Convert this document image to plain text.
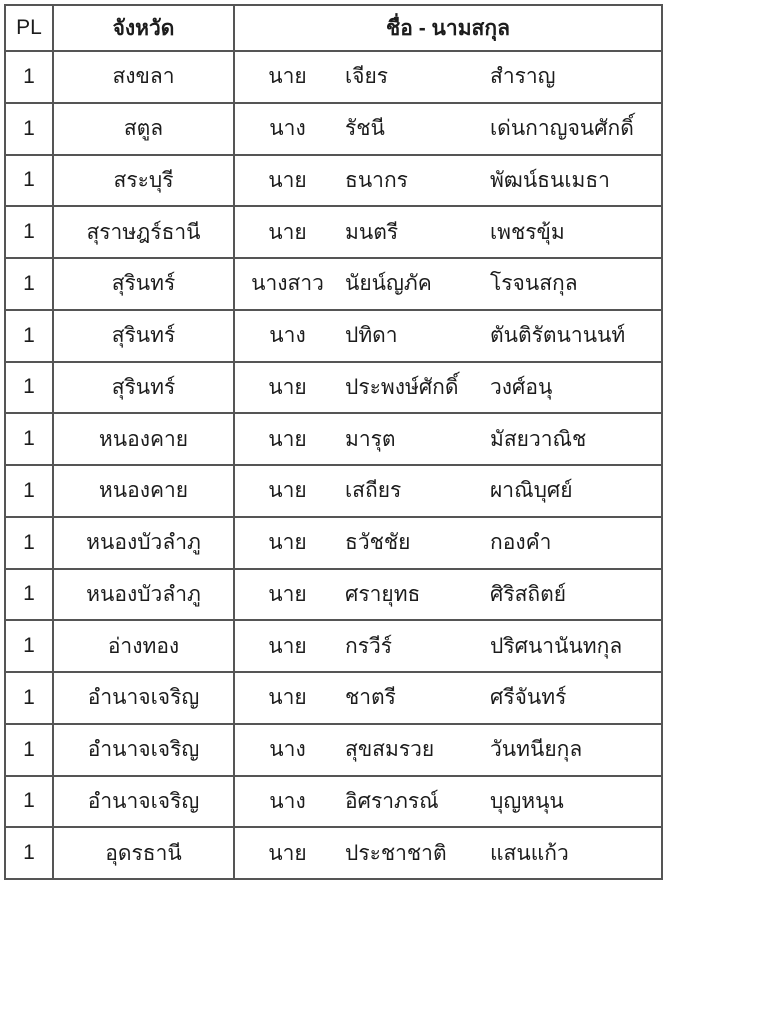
PL	จังหวัด	ชื่อ - นามสกุล
1	สงขลา	นาย เจียร สำราญ

1	สตูล	นาง รัชนี เด่นกาญจนศักดิ์

1	สระบุรี	นาย ธนากร พัฒน์ธนเมธา

1	สุราษฎร์ธานี	นาย มนตรี เพชรขุ้ม

1	สุรินทร์	นางสาว นัยน์ญภัค โรจนสกุล

1	สุรินทร์	นาง ปทิดา ตันติรัตนานนท์

1	สุรินทร์	นาย ประพงษ์ศักดิ์ วงศ์อนุ

1	หนองคาย	นาย มารุต มัสยวาณิช

1	หนองคาย	นาย เสถียร ผาณิบุศย์

1	หนองบัวลำภู	นาย ธวัชชัย กองคำ

1	หนองบัวลำภู	นาย ศรายุทธ ศิริสถิตย์

1	อ่างทอง	นาย กรวีร์ ปริศนานันทกุล

1	อำนาจเจริญ	นาย ชาตรี ศรีจันทร์

1	อำนาจเจริญ	นาง สุขสมรวย วันทนียกุล

1	อำนาจเจริญ	นาง อิศราภรณ์ บุญหนุน

1	อุดรธานี	นาย ประชาชาติ แสนแก้ว
